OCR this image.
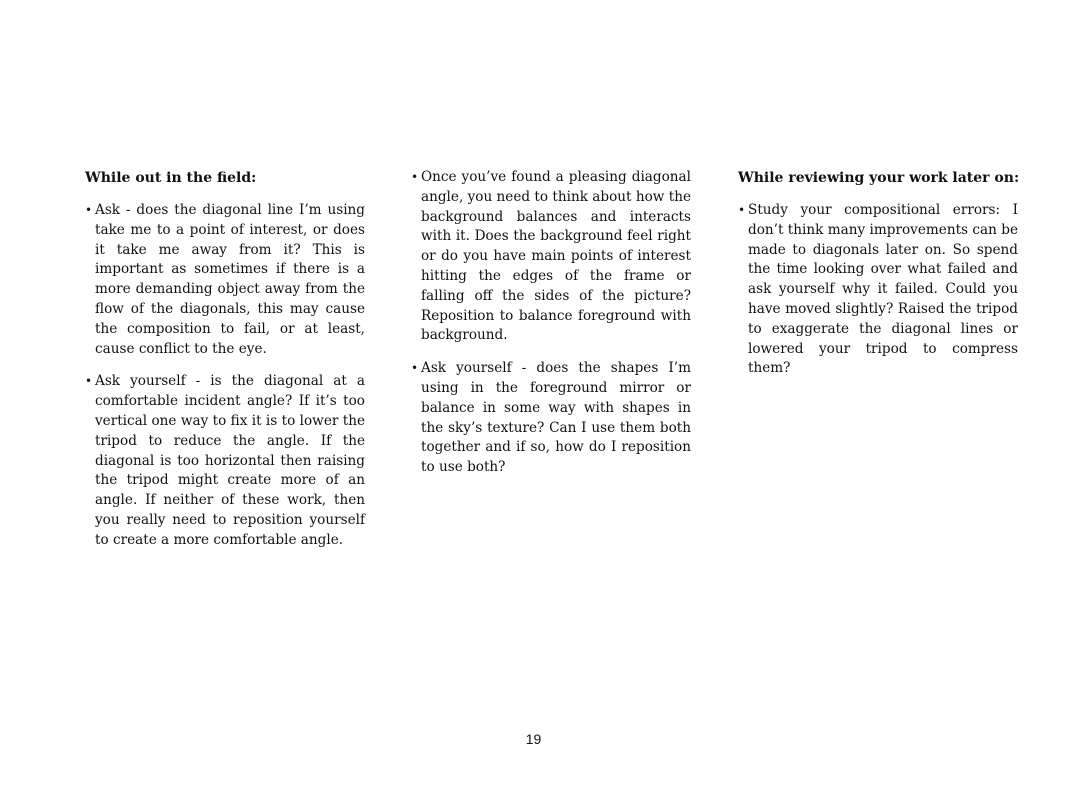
While out in the field:
• Ask - does the diagonal line I’m using take me to a point of interest, or does it take me away from it? This is important as sometimes if there is a more demanding object away from the flow of the diagonals, this may cause the composition to fail, or at least, cause conflict to the eye.
• Ask yourself - is the diagonal at a comfortable incident angle? If it’s too vertical one way to fix it is to lower the tripod to reduce the angle. If the diagonal is too horizontal then raising the tripod might create more of an angle. If neither of these work, then you really need to reposition yourself to create a more comfortable angle.
• Once you’ve found a pleasing diagonal angle, you need to think about how the background balances and interacts with it. Does the background feel right or do you have main points of interest hitting the edges of the frame or falling off the sides of the picture? Reposition to balance foreground with background.
• Ask yourself - does the shapes I’m using in the foreground mirror or balance in some way with shapes in the sky’s texture? Can I use them both together and if so, how do I reposition to use both?
While reviewing your work later on:
• Study your compositional errors: I don’t think many improvements can be made to diagonals later on. So spend the time looking over what failed and ask yourself why it failed. Could you have moved slightly? Raised the tripod to exaggerate the diagonal lines or lowered your tripod to compress them?
19
